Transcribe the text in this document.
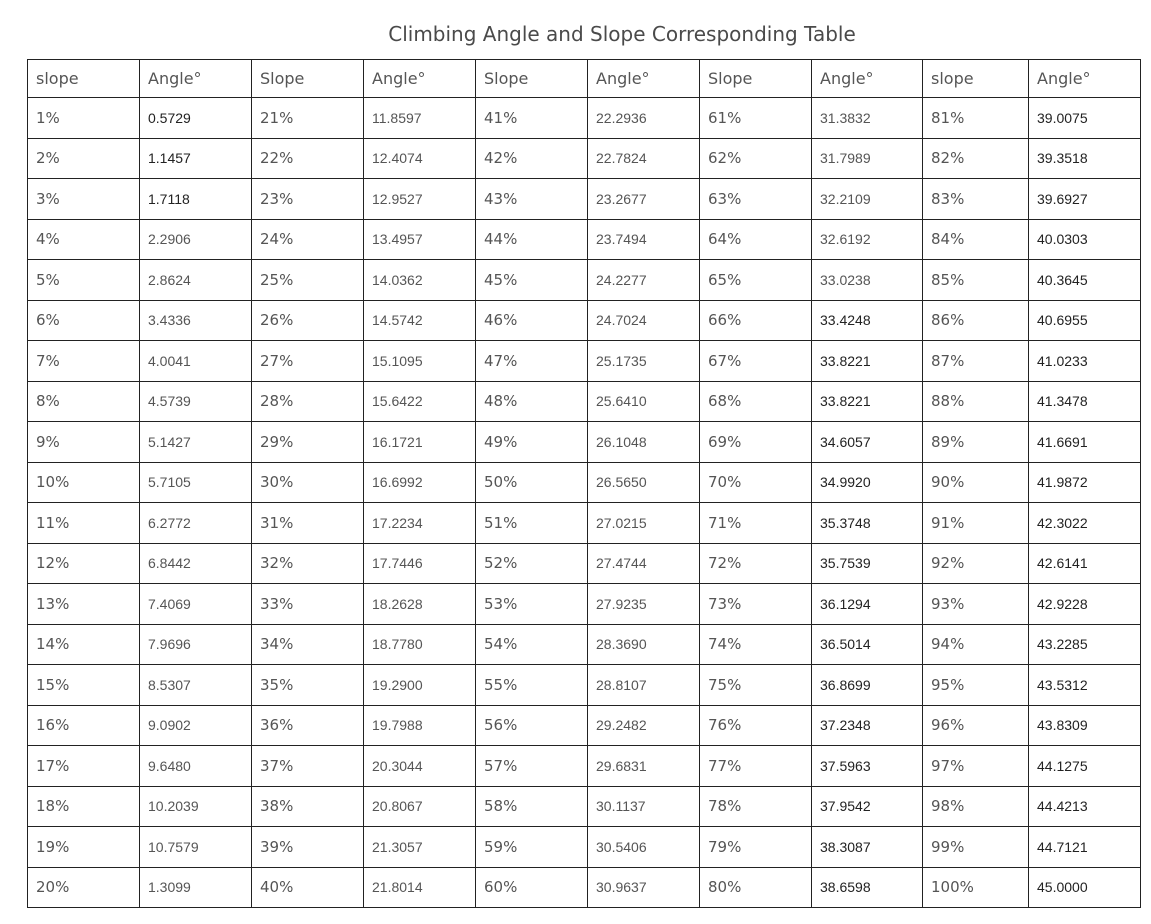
Climbing Angle and Slope Corresponding Table
slope	Angle°	Slope	Angle°	Slope	Angle°	Slope	Angle°	slope	Angle°
1%	0.5729	21%	11.8597	41%	22.2936	61%	31.3832	81%	39.0075
2%	1.1457	22%	12.4074	42%	22.7824	62%	31.7989	82%	39.3518
3%	1.7118	23%	12.9527	43%	23.2677	63%	32.2109	83%	39.6927
4%	2.2906	24%	13.4957	44%	23.7494	64%	32.6192	84%	40.0303
5%	2.8624	25%	14.0362	45%	24.2277	65%	33.0238	85%	40.3645
6%	3.4336	26%	14.5742	46%	24.7024	66%	33.4248	86%	40.6955
7%	4.0041	27%	15.1095	47%	25.1735	67%	33.8221	87%	41.0233
8%	4.5739	28%	15.6422	48%	25.6410	68%	33.8221	88%	41.3478
9%	5.1427	29%	16.1721	49%	26.1048	69%	34.6057	89%	41.6691
10%	5.7105	30%	16.6992	50%	26.5650	70%	34.9920	90%	41.9872
11%	6.2772	31%	17.2234	51%	27.0215	71%	35.3748	91%	42.3022
12%	6.8442	32%	17.7446	52%	27.4744	72%	35.7539	92%	42.6141
13%	7.4069	33%	18.2628	53%	27.9235	73%	36.1294	93%	42.9228
14%	7.9696	34%	18.7780	54%	28.3690	74%	36.5014	94%	43.2285
15%	8.5307	35%	19.2900	55%	28.8107	75%	36.8699	95%	43.5312
16%	9.0902	36%	19.7988	56%	29.2482	76%	37.2348	96%	43.8309
17%	9.6480	37%	20.3044	57%	29.6831	77%	37.5963	97%	44.1275
18%	10.2039	38%	20.8067	58%	30.1137	78%	37.9542	98%	44.4213
19%	10.7579	39%	21.3057	59%	30.5406	79%	38.3087	99%	44.7121
20%	1.3099	40%	21.8014	60%	30.9637	80%	38.6598	100%	45.0000
